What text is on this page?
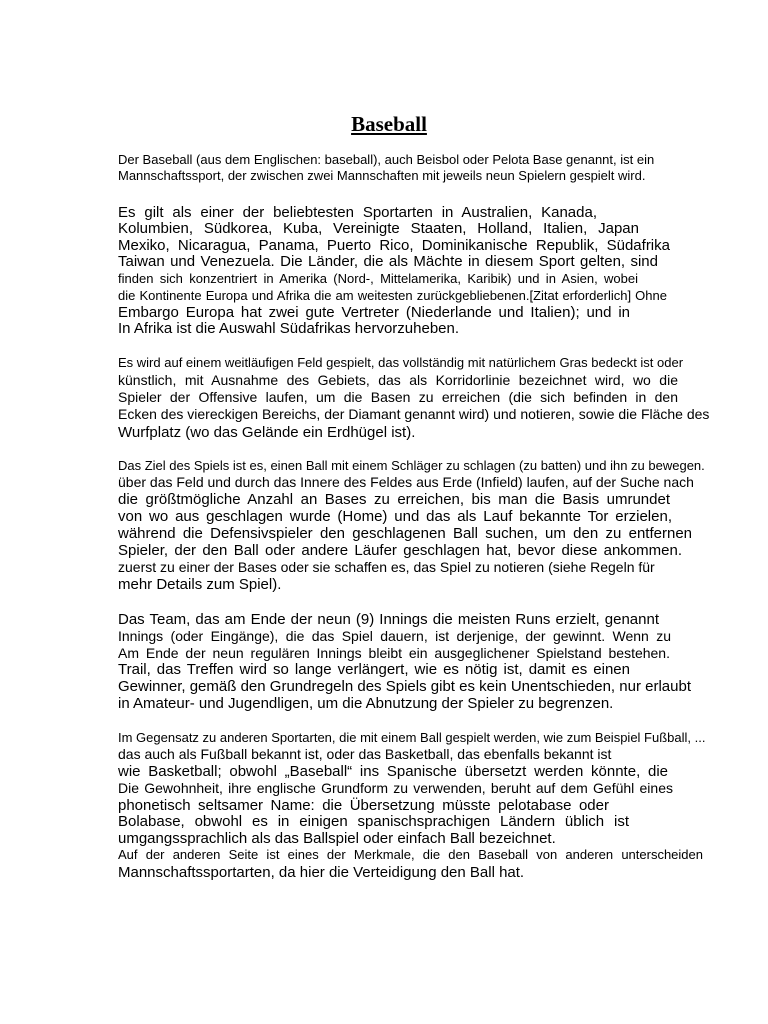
Baseball
Der Baseball (aus dem Englischen: baseball), auch Beisbol oder Pelota Base genannt, ist ein
Mannschaftssport, der zwischen zwei Mannschaften mit jeweils neun Spielern gespielt wird.
Es gilt als einer der beliebtesten Sportarten in Australien, Kanada,
Kolumbien, Südkorea, Kuba, Vereinigte Staaten, Holland, Italien, Japan
Mexiko, Nicaragua, Panama, Puerto Rico, Dominikanische Republik, Südafrika
Taiwan und Venezuela. Die Länder, die als Mächte in diesem Sport gelten, sind
finden sich konzentriert in Amerika (Nord-, Mittelamerika, Karibik) und in Asien, wobei
die Kontinente Europa und Afrika die am weitesten zurückgebliebenen.[Zitat erforderlich] Ohne
Embargo Europa hat zwei gute Vertreter (Niederlande und Italien); und in
In Afrika ist die Auswahl Südafrikas hervorzuheben.
Es wird auf einem weitläufigen Feld gespielt, das vollständig mit natürlichem Gras bedeckt ist oder
künstlich, mit Ausnahme des Gebiets, das als Korridorlinie bezeichnet wird, wo die
Spieler der Offensive laufen, um die Basen zu erreichen (die sich befinden in den
Ecken des viereckigen Bereichs, der Diamant genannt wird) und notieren, sowie die Fläche des
Wurfplatz (wo das Gelände ein Erdhügel ist).
Das Ziel des Spiels ist es, einen Ball mit einem Schläger zu schlagen (zu batten) und ihn zu bewegen.
über das Feld und durch das Innere des Feldes aus Erde (Infield) laufen, auf der Suche nach
die größtmögliche Anzahl an Bases zu erreichen, bis man die Basis umrundet
von wo aus geschlagen wurde (Home) und das als Lauf bekannte Tor erzielen,
während die Defensivspieler den geschlagenen Ball suchen, um den zu entfernen
Spieler, der den Ball oder andere Läufer geschlagen hat, bevor diese ankommen.
zuerst zu einer der Bases oder sie schaffen es, das Spiel zu notieren (siehe Regeln für
mehr Details zum Spiel).
Das Team, das am Ende der neun (9) Innings die meisten Runs erzielt, genannt
Innings (oder Eingänge), die das Spiel dauern, ist derjenige, der gewinnt. Wenn zu
Am Ende der neun regulären Innings bleibt ein ausgeglichener Spielstand bestehen.
Trail, das Treffen wird so lange verlängert, wie es nötig ist, damit es einen
Gewinner, gemäß den Grundregeln des Spiels gibt es kein Unentschieden, nur erlaubt
in Amateur- und Jugendligen, um die Abnutzung der Spieler zu begrenzen.
Im Gegensatz zu anderen Sportarten, die mit einem Ball gespielt werden, wie zum Beispiel Fußball, ...
das auch als Fußball bekannt ist, oder das Basketball, das ebenfalls bekannt ist
wie Basketball; obwohl „Baseball“ ins Spanische übersetzt werden könnte, die
Die Gewohnheit, ihre englische Grundform zu verwenden, beruht auf dem Gefühl eines
phonetisch seltsamer Name: die Übersetzung müsste pelotabase oder
Bolabase, obwohl es in einigen spanischsprachigen Ländern üblich ist
umgangssprachlich als das Ballspiel oder einfach Ball bezeichnet.
Auf der anderen Seite ist eines der Merkmale, die den Baseball von anderen unterscheiden
Mannschaftssportarten, da hier die Verteidigung den Ball hat.
